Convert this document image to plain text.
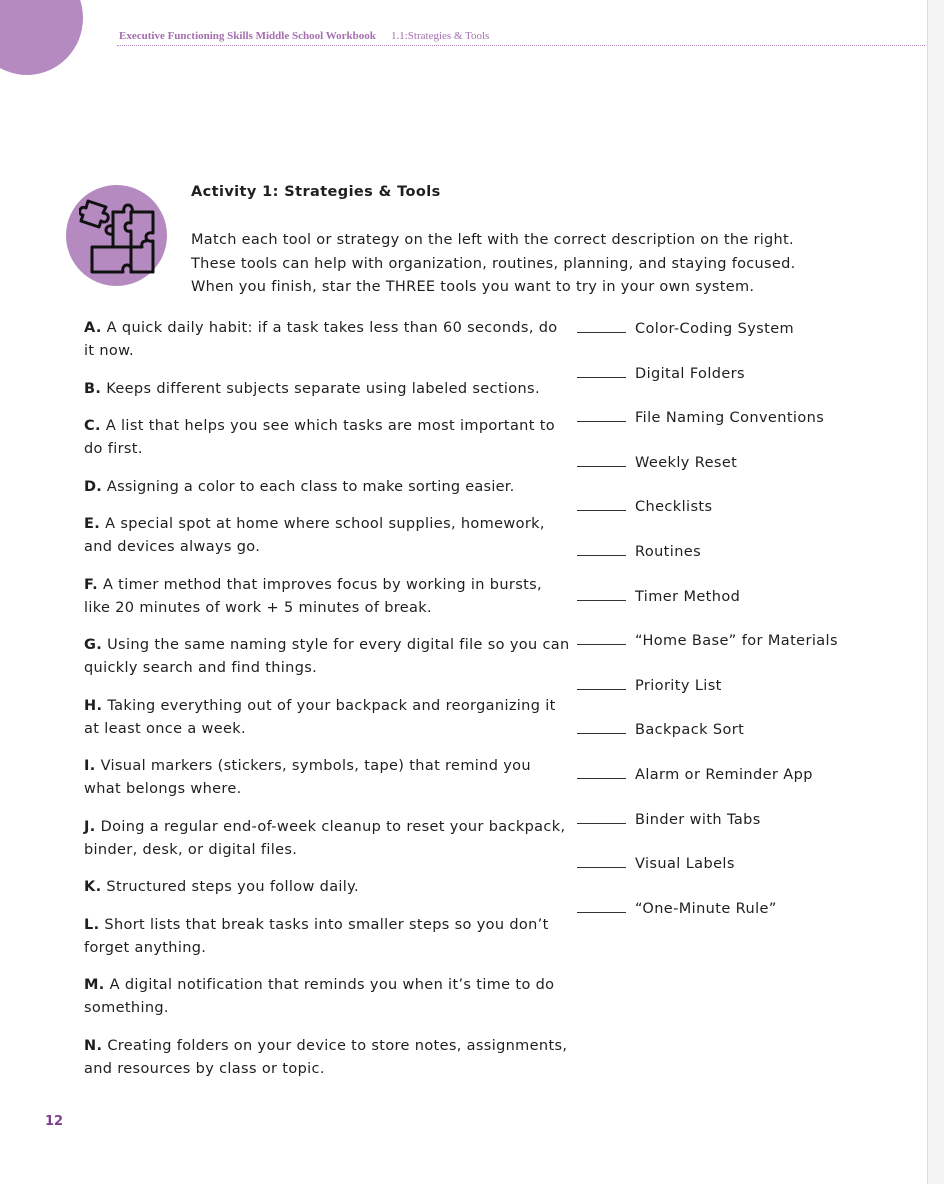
Executive Functioning Skills Middle School Workbook 1.1:Strategies & Tools
Activity 1: Strategies & Tools

Match each tool or strategy on the left with the correct description on the right.

These tools can help with organization, routines, planning, and staying focused.

When you finish, star the THREE tools you want to try in your own system.

A. A quick daily habit: if a task takes less than 60 seconds, do it now.
B. Keeps different subjects separate using labeled sections.
C. A list that helps you see which tasks are most important to do first.
D. Assigning a color to each class to make sorting easier.
E. A special spot at home where school supplies, homework, and devices always go.
F. A timer method that improves focus by working in bursts, like 20 minutes of work + 5 minutes of break.
G. Using the same naming style for every digital file so you can quickly search and find things.
H. Taking everything out of your backpack and reorganizing it at least once a week.
I. Visual markers (stickers, symbols, tape) that remind you what belongs where.
J. Doing a regular end-of-week cleanup to reset your backpack, binder, desk, or digital files.
K. Structured steps you follow daily.
L. Short lists that break tasks into smaller steps so you don’t forget anything.
M. A digital notification that reminds you when it’s time to do something.
N. Creating folders on your device to store notes, assignments, and resources by class or topic.
Color-Coding System
Digital Folders
File Naming Conventions
Weekly Reset
Checklists
Routines
Timer Method
“Home Base” for Materials
Priority List
Backpack Sort
Alarm or Reminder App
Binder with Tabs
Visual Labels
“One-Minute Rule”
12
